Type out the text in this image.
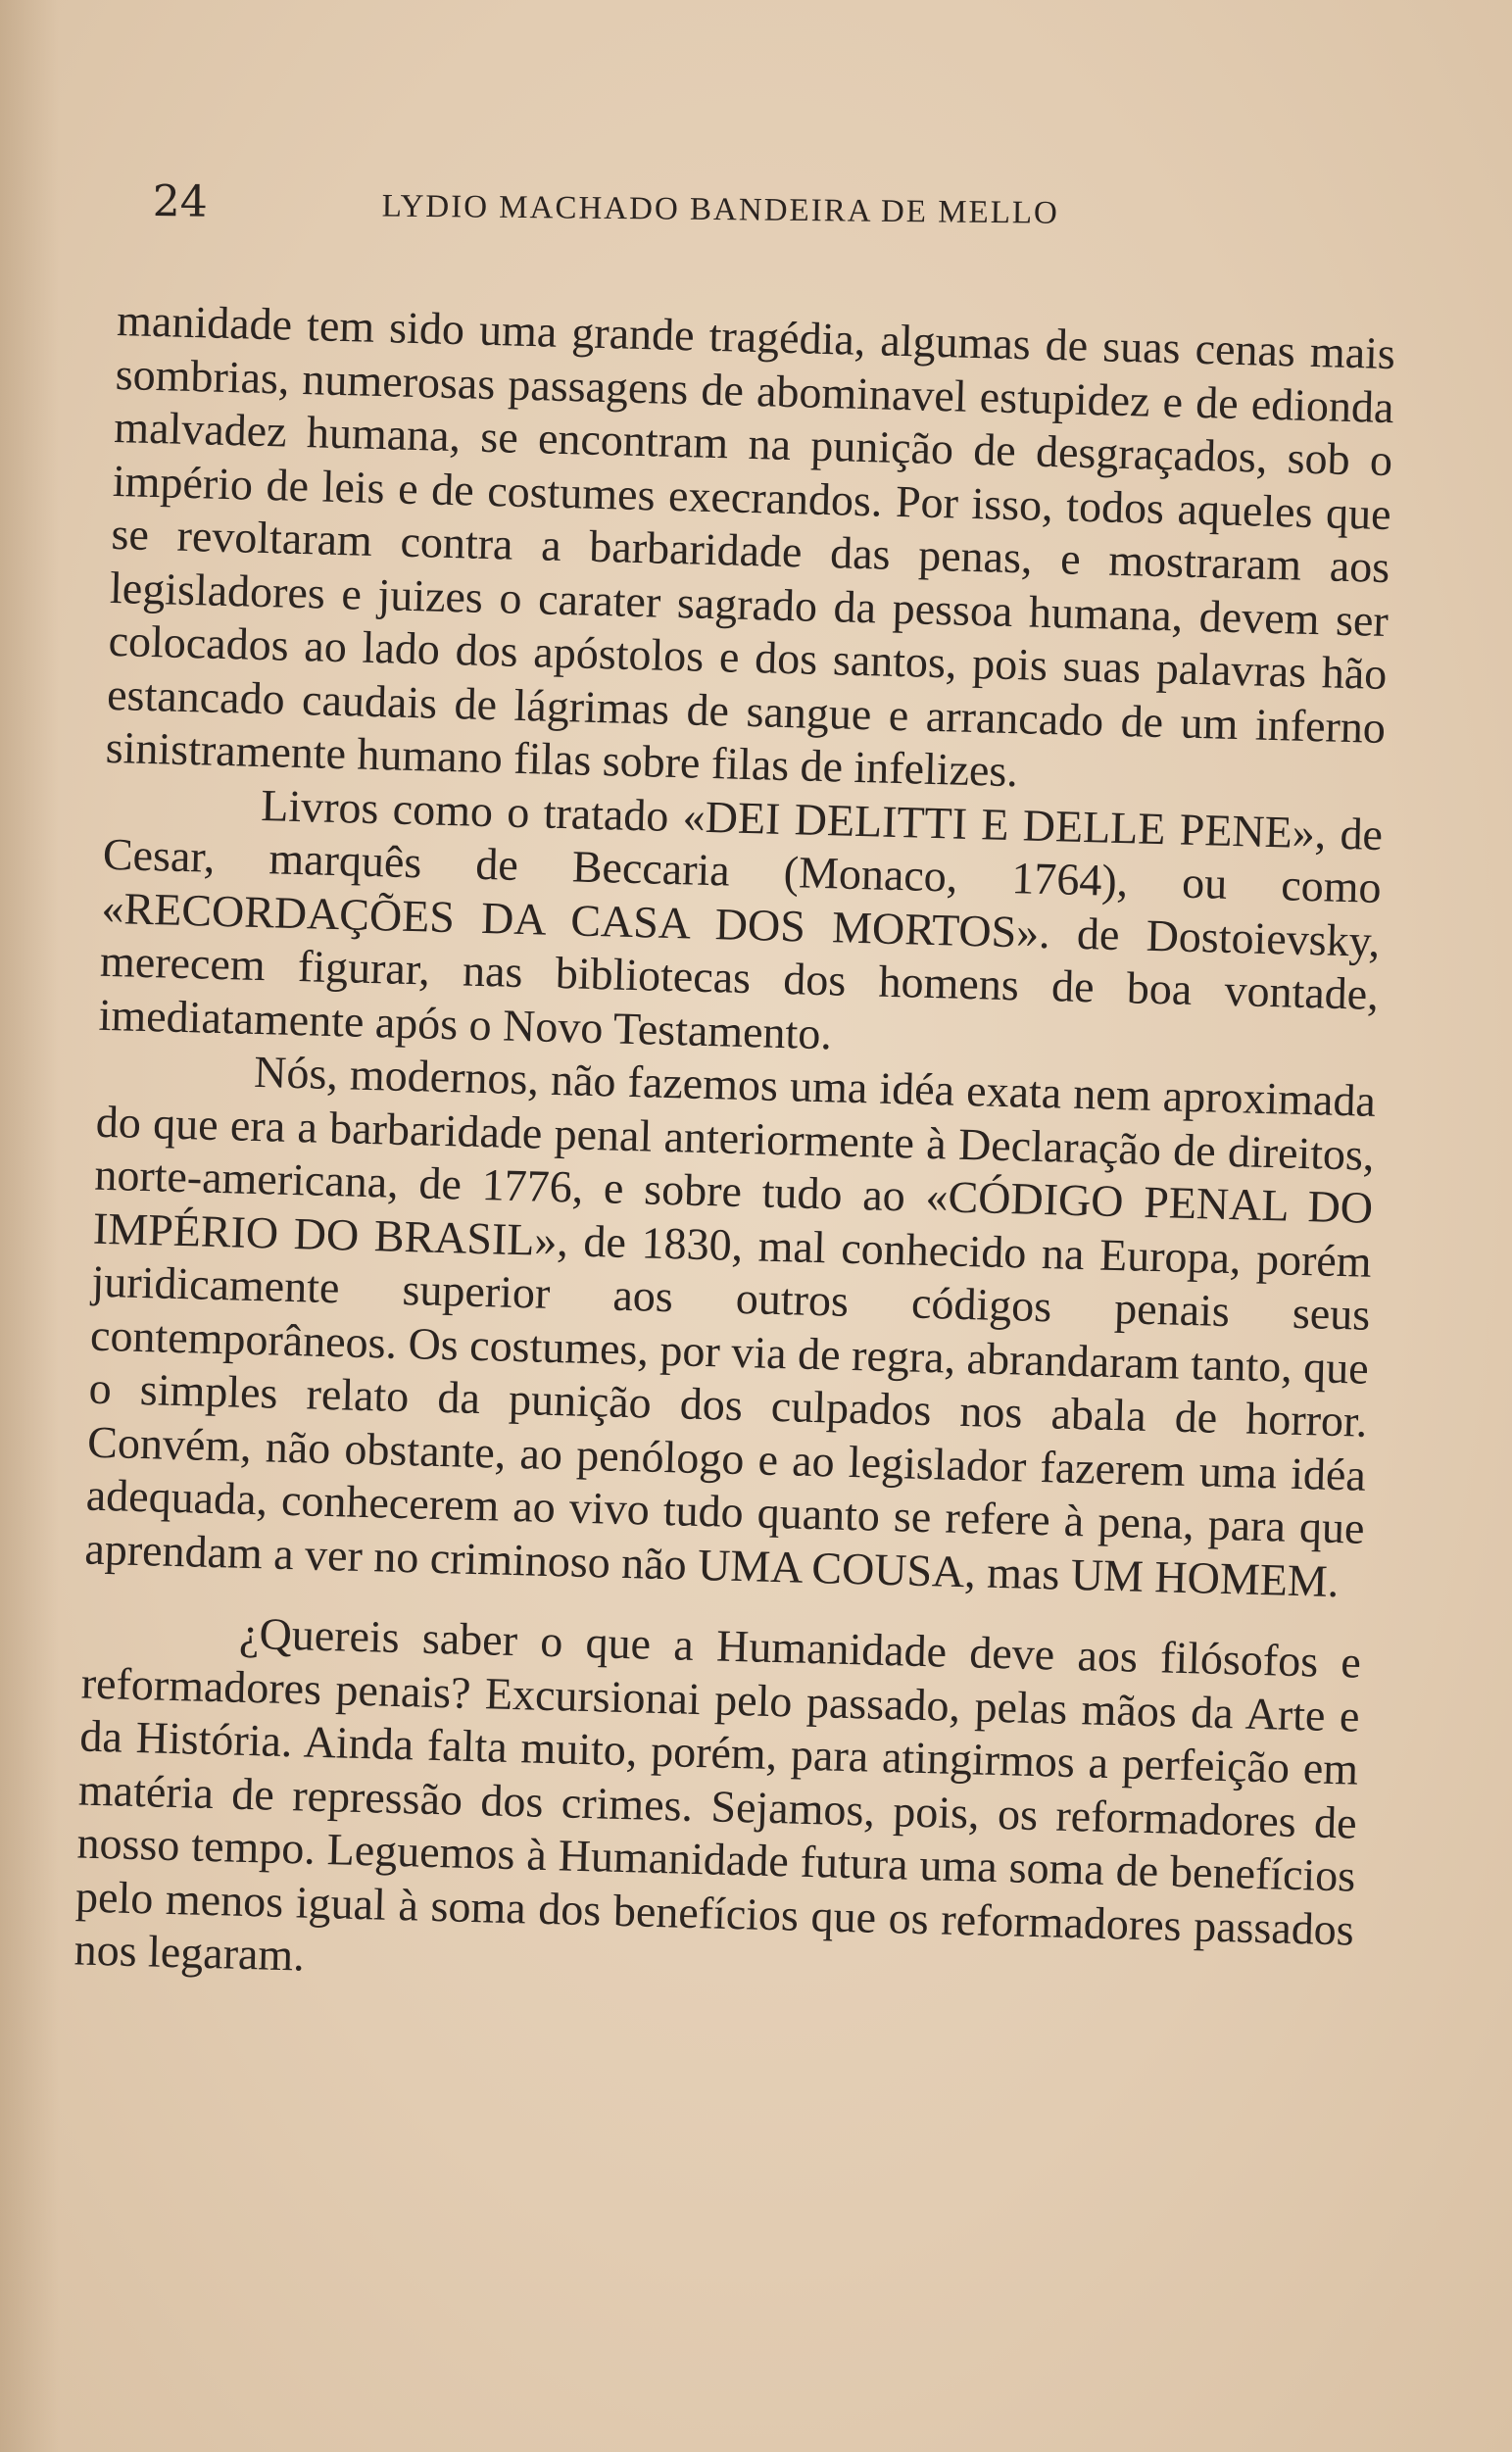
24	LYDIO MACHADO BANDEIRA DE MELLO

manidade tem sido uma grande tragédia, algumas de suas cenas mais sombrias, numerosas passagens de abominavel estupidez e de edionda malvadez humana, se encontram na punição de desgraçados, sob o império de leis e de costumes execrandos. Por isso, todos aqueles que se revoltaram contra a barbaridade das penas, e mostraram aos legisladores e juizes o carater sagrado da pessoa humana, devem ser colocados ao lado dos apóstolos e dos santos, pois suas palavras hão estancado caudais de lágrimas de sangue e arrancado de um inferno sinistramente humano filas sobre filas de infelizes.

Livros como o tratado «DEI DELITTI E DELLE PENE», de Cesar, marquês de Beccaria (Monaco, 1764), ou como «RECORDAÇÕES DA CASA DOS MORTOS». de Dostoievsky, merecem figurar, nas bibliotecas dos homens de boa vontade, imediatamente após o Novo Testamento.

Nós, modernos, não fazemos uma idéa exata nem aproximada do que era a barbaridade penal anteriormente à Declaração de direitos, norte-americana, de 1776, e sobre tudo ao «CÓDIGO PENAL DO IMPÉRIO DO BRASIL», de 1830, mal conhecido na Europa, porém juridicamente superior aos outros códigos penais seus contemporâneos. Os costumes, por via de regra, abrandaram tanto, que o simples relato da punição dos culpados nos abala de horror. Convém, não obstante, ao penólogo e ao legislador fazerem uma idéa adequada, conhecerem ao vivo tudo quanto se refere à pena, para que aprendam a ver no criminoso não UMA COUSA, mas UM HOMEM.

¿Quereis saber o que a Humanidade deve aos filósofos e reformadores penais? Excursionai pelo passado, pelas mãos da Arte e da História. Ainda falta muito, porém, para atingirmos a perfeição em matéria de repressão dos crimes. Sejamos, pois, os reformadores de nosso tempo. Leguemos à Humanidade futura uma soma de benefícios pelo menos igual à soma dos benefícios que os reformadores passados nos legaram.
